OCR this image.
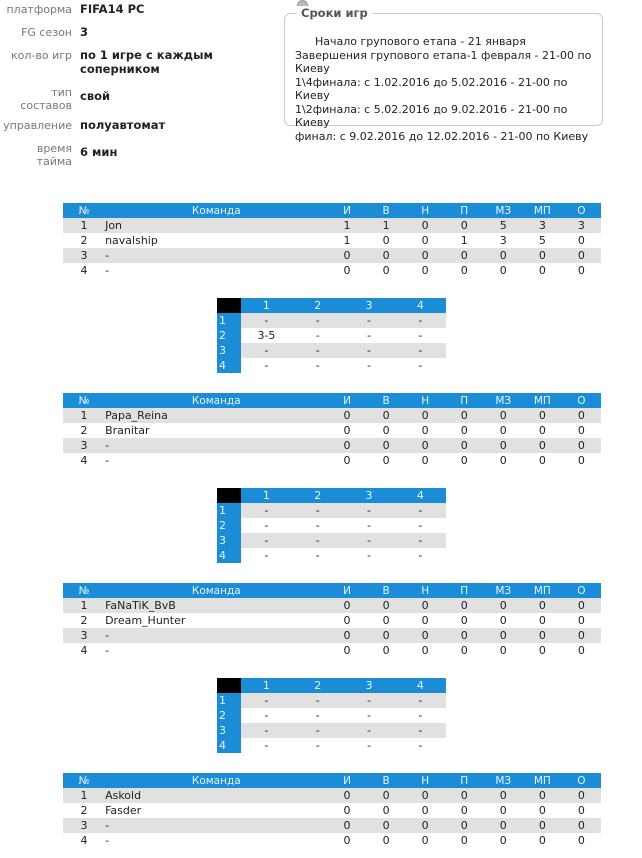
платформа FIFA14 PC
FG сезон 3
кол-во игр по 1 игре с каждым соперником
тип составов
свой
управление полуавтомат
время тайма
6 мин
Сроки игр
Начало групового етапа - 21 января
Завершения групового етапа-1 февраля - 21-00 по Киеву
1\4финала: с 1.02.2016 до 5.02.2016 - 21-00 по Киеву
1\2финала: с 5.02.2016 до 9.02.2016 - 21-00 по Киеву
финал: с 9.02.2016 до 12.02.2016 - 21-00 по Киеву
№	Команда	И	В	Н	П	МЗ	МП	О
1	Jon	1	1	0	0	5	3	3
2	navalship	1	0	0	1	3	5	0
3	-	0	0	0	0	0	0	0
4	-	0	0	0	0	0	0	0
	1	2	3	4
1	-	-	-	-
2	3-5	-	-	-
3	-	-	-	-
4	-	-	-	-
№	Команда	И	В	Н	П	МЗ	МП	О
1	Papa_Reina	0	0	0	0	0	0	0
2	Branitar	0	0	0	0	0	0	0
3	-	0	0	0	0	0	0	0
4	-	0	0	0	0	0	0	0
	1	2	3	4
1	-	-	-	-
2	-	-	-	-
3	-	-	-	-
4	-	-	-	-
№	Команда	И	В	Н	П	МЗ	МП	О
1	FaNaTiK_BvB	0	0	0	0	0	0	0
2	Dream_Hunter	0	0	0	0	0	0	0
3	-	0	0	0	0	0	0	0
4	-	0	0	0	0	0	0	0
	1	2	3	4
1	-	-	-	-
2	-	-	-	-
3	-	-	-	-
4	-	-	-	-
№	Команда	И	В	Н	П	МЗ	МП	О
1	Askold	0	0	0	0	0	0	0
2	Fasder	0	0	0	0	0	0	0
3	-	0	0	0	0	0	0	0
4	-	0	0	0	0	0	0	0
